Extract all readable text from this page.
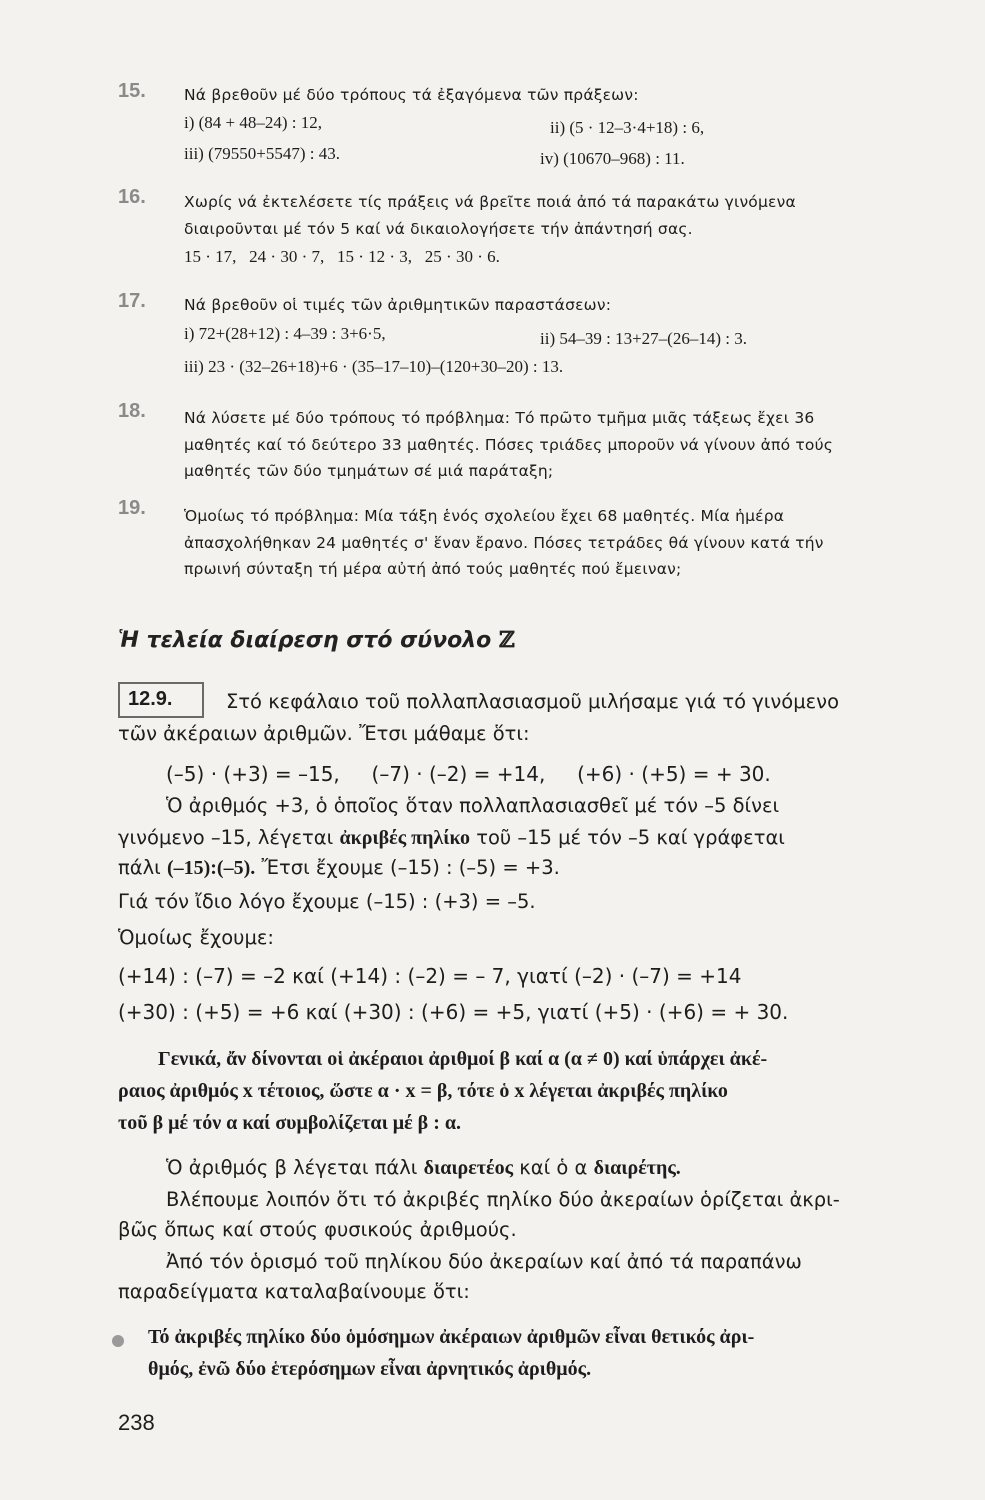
15. Νά βρεθοῦν μέ δύο τρόπους τά ἐξαγόμενα τῶν πράξεων:
i) (84 + 48–24) : 12,	ii) (5 · 12–3·4+18) : 6,
iii) (79550+5547) : 43.	iv) (10670–968) : 11.
16. Χωρίς νά ἐκτελέσετε τίς πράξεις νά βρεῖτε ποιά ἀπό τά παρακάτω γινόμενα
διαιροῦνται μέ τόν 5 καί νά δικαιολογήσετε τήν ἀπάντησή σας.
15 · 17,   24 · 30 · 7,   15 · 12 · 3,   25 · 30 · 6.
17. Νά βρεθοῦν οἱ τιμές τῶν ἀριθμητικῶν παραστάσεων:
i) 72+(28+12) : 4–39 : 3+6·5,	ii) 54–39 : 13+27–(26–14) : 3.
iii) 23 · (32–26+18)+6 · (35–17–10)–(120+30–20) : 13.
18. Νά λύσετε μέ δύο τρόπους τό πρόβλημα: Τό πρῶτο τμῆμα μιᾶς τάξεως ἔχει 36
μαθητές καί τό δεύτερο 33 μαθητές. Πόσες τριάδες μποροῦν νά γίνουν ἀπό τούς
μαθητές τῶν δύο τμημάτων σέ μιά παράταξη;
19. Ὁμοίως τό πρόβλημα: Μία τάξη ἑνός σχολείου ἔχει 68 μαθητές. Μία ἡμέρα
ἀπασχολήθηκαν 24 μαθητές σ' ἕναν ἔρανο. Πόσες τετράδες θά γίνουν κατά τήν
πρωινή σύνταξη τή μέρα αὐτή ἀπό τούς μαθητές πού ἔμειναν;
Ἡ τελεία διαίρεση στό σύνολο ℤ
12.9.	Στό κεφάλαιο τοῦ πολλαπλασιασμοῦ μιλήσαμε γιά τό γινόμενο
τῶν ἀκέραιων ἀριθμῶν. Ἔτσι μάθαμε ὅτι:
(–5) · (+3) = –15,     (–7) · (–2) = +14,     (+6) · (+5) = + 30.
Ὁ ἀριθμός +3, ὁ ὁποῖος ὅταν πολλαπλασιασθεῖ μέ τόν –5 δίνει
γινόμενο –15, λέγεται ἀκριβές πηλίκο τοῦ –15 μέ τόν –5 καί γράφεται
πάλι (–15):(–5). Ἔτσι ἔχουμε (–15) : (–5) = +3.
Γιά τόν ἴδιο λόγο ἔχουμε (–15) : (+3) = –5.
Ὁμοίως ἔχουμε:
(+14) : (–7) = –2 καί (+14) : (–2) = – 7, γιατί (–2) · (–7) = +14
(+30) : (+5) = +6 καί (+30) : (+6) = +5, γιατί (+5) · (+6) = + 30.
Γενικά, ἄν δίνονται οἱ ἀκέραιοι ἀριθμοί β καί α (α ≠ 0) καί ὑπάρχει ἀκέ-
ραιος ἀριθμός x τέτοιος, ὥστε α · x = β, τότε ὁ x λέγεται ἀκριβές πηλίκο
τοῦ β μέ τόν α καί συμβολίζεται μέ β : α.
Ὁ ἀριθμός β λέγεται πάλι διαιρετέος καί ὁ α διαιρέτης.
Βλέπουμε λοιπόν ὅτι τό ἀκριβές πηλίκο δύο ἀκεραίων ὁρίζεται ἀκρι-
βῶς ὅπως καί στούς φυσικούς ἀριθμούς.
Ἀπό τόν ὁρισμό τοῦ πηλίκου δύο ἀκεραίων καί ἀπό τά παραπάνω
παραδείγματα καταλαβαίνουμε ὅτι:
Τό ἀκριβές πηλίκο δύο ὁμόσημων ἀκέραιων ἀριθμῶν εἶναι θετικός ἀρι-
θμός, ἐνῶ δύο ἑτερόσημων εἶναι ἀρνητικός ἀριθμός.
238
